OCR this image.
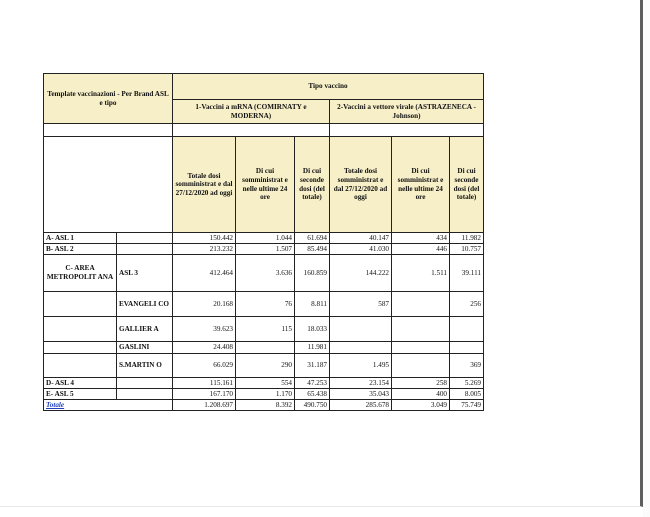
Template vaccinazioni - Per Brand ASL e tipo		Tipo vaccino					
		1-Vaccini a mRNA (COMIRNATY e MODERNA)			2-Vaccini a vettore virale (ASTRAZENECA - Johnson)		

		Totale dosi somministrat e dal 27/12/2020 ad oggi	Di cui somministrat e nelle ultime 24 ore	Di cui seconde dosi (del totale)	Totale dosi somministrat e dal 27/12/2020 ad oggi	Di cui somministrat e nelle ultime 24 ore	Di cui seconde dosi (del totale)
A- ASL 1		150.442	1.044	61.694	40.147	434	11.982
B- ASL 2		213.232	1.507	85.494	41.030	446	10.757
C- AREA METROPOLIT ANA	ASL 3	412.464	3.636	160.859	144.222	1.511	39.111
	EVANGELI CO	20.168	76	8.811	587		256
	GALLIER A	39.623	115	18.033			
	GASLINI	24.408		11.981			
	S.MARTIN O	66.029	290	31.187	1.495		369
D- ASL 4		115.161	554	47.253	23.154	258	5.269
E- ASL 5		167.170	1.170	65.438	35.043	400	8.005
Totale		1.208.697	8.392	490.750	285.678	3.049	75.749
